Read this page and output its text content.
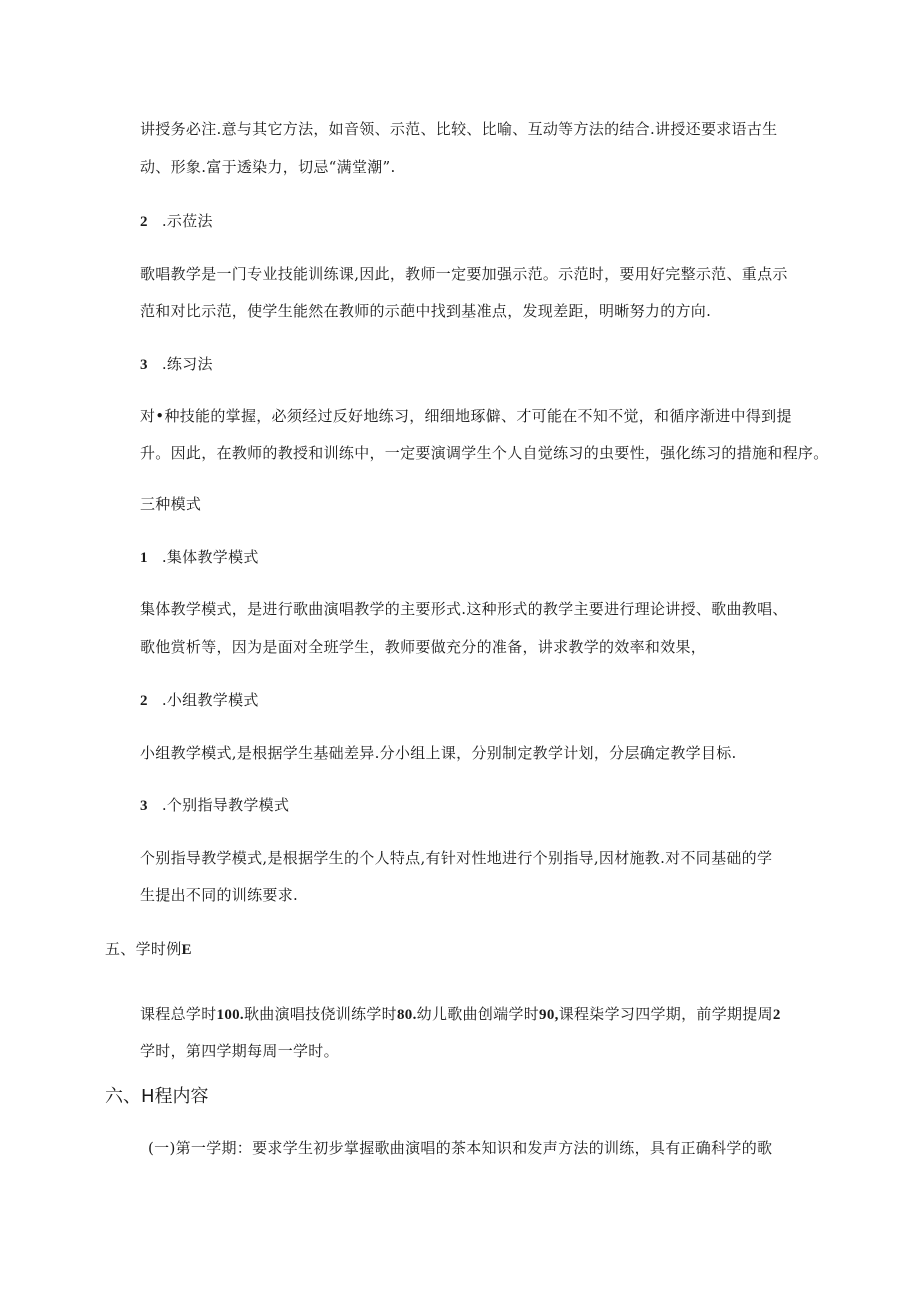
讲授务必注.意与其它方法，如音领、示范、比较、比喻、互动等方法的结合.讲授还要求语古生
动、形象.富于透染力，切忌“满堂潮”.
2 .示莅法
歌唱教学是一门专业技能训练课,因此，教师一定要加强示范。示范时，要用好完整示范、重点示
范和对比示范，使学生能然在教师的示葩中找到基准点，发现差距，明晰努力的方向.
3 .练习法
对•种技能的掌握，必须经过反好地练习，细细地琢僻、才可能在不知不觉，和循序渐进中得到提
升。因此，在教师的教授和训练中，一定要演调学生个人自觉练习的虫要性，强化练习的措施和程序。
三种模式
1 .集体教学模式
集体教学模式，是进行歌曲演唱教学的主要形式.这种形式的教学主要进行理论讲授、歌曲教唱、
歌他赏析等，因为是面对全班学生，教师要做充分的准备，讲求教学的效率和效果，
2 .小组教学模式
小组教学模式,是根据学生基础差异.分小组上课，分别制定教学计划，分层确定教学目标.
3 .个别指导教学模式
个别指导教学模式,是根据学生的个人特点,有针对性地进行个别指导,因材施教.对不同基础的学
生提出不同的训练要求.
五、学时例E
课程总学时100.耿曲演唱技侥训练学时80.幼儿歌曲创端学时90,课程柒学习四学期，前学期提周2
学时，第四学期每周一学时。
六、H程内容
(一)第一学期：要求学生初步掌握歌曲演唱的茶本知识和发声方法的训练，具有正确科学的歌
